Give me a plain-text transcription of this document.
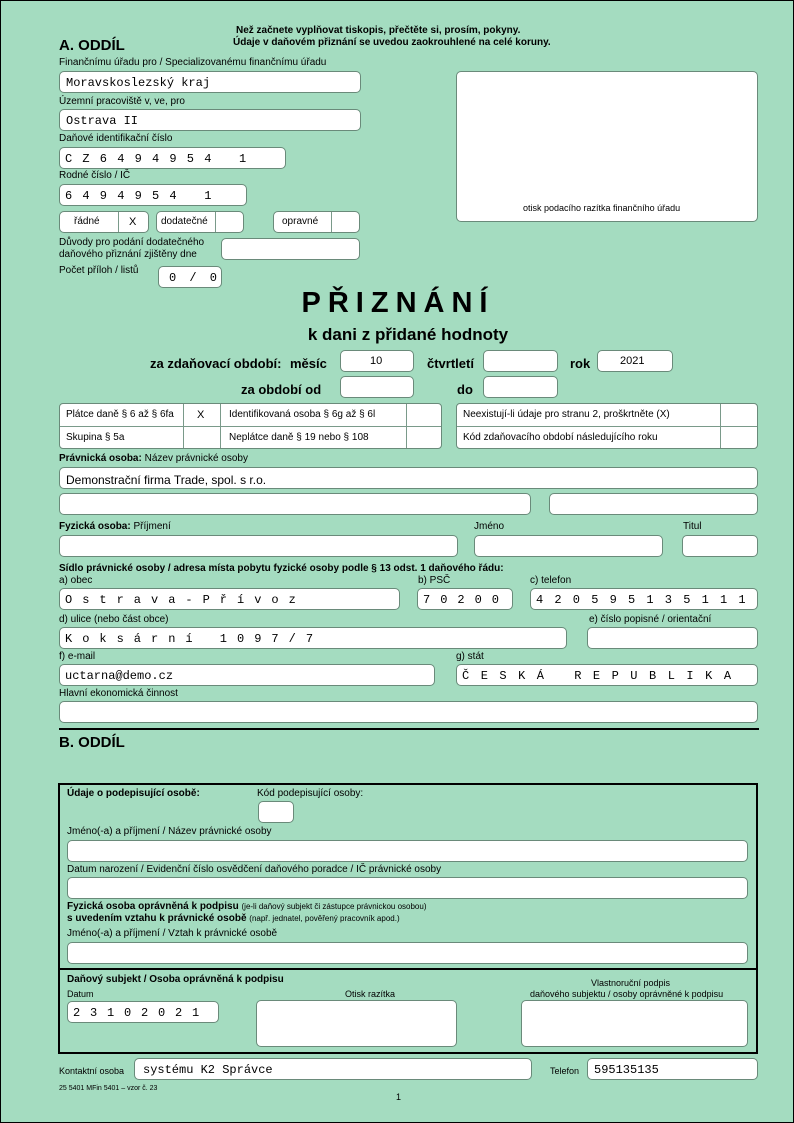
Než začnete vyplňovat tiskopis, přečtěte si, prosím, pokyny.
Údaje v daňovém přiznání se uvedou zaokrouhlené na celé koruny.
A. ODDÍL
Finančnímu úřadu pro / Specializovanému finančnímu úřadu
Moravskoslezský kraj
Územní pracoviště v, ve, pro
Ostrava II
Daňové identifikační číslo
CZ6494954 1
Rodné číslo / IČ
6494954 1
řádné	X dodatečné	opravné
Důvody pro podání dodatečného
daňového přiznání zjištěny dne
Počet příloh / listů
0 / 0
otisk podacího razítka finančního úřadu
PŘIZNÁNÍ
k dani z přidané hodnoty
za zdaňovací období: měsíc	10	čtvrtletí	rok	2021
za období od	do
Plátce daně § 6 až § 6fa X Identifikovaná osoba § 6g až § 6l
Skupina § 5a	Neplátce daně § 19 nebo § 108
Neexistují-li údaje pro stranu 2, proškrtněte (X)
Kód zdaňovacího období následujícího roku
Právnická osoba: Název právnické osoby
Demonstrační firma Trade, spol. s r.o.
Fyzická osoba: Příjmení	Jméno	Titul
Sídlo právnické osoby / adresa místa pobytu fyzické osoby podle § 13 odst. 1 daňového řádu:
a) obec	b) PSČ	c) telefon
Ostrava-Přívoz	70200 420595135111
d) ulice (nebo část obce)	e) číslo popisné / orientační
Koksární 1097/7
f) e-mail	g) stát
uctarna@demo.cz	ČESKÁ REPUBLIKA
Hlavní ekonomická činnost
B. ODDÍL
Údaje o podepisující osobě:	Kód podepisující osoby:
Jméno(-a) a příjmení / Název právnické osoby
Datum narození / Evidenční číslo osvědčení daňového poradce / IČ právnické osoby
Fyzická osoba oprávněná k podpisu (je-li daňový subjekt či zástupce právnickou osobou)
s uvedením vztahu k právnické osobě (např. jednatel, pověřený pracovník apod.)
Jméno(-a) a příjmení / Vztah k právnické osobě
Daňový subjekt / Osoba oprávněná k podpisu
Datum	Otisk razítka
Vlastnoruční podpis
daňového subjektu / osoby oprávněné k podpisu
23102021
Kontaktní osoba systému K2 Správce	Telefon 595135135
25 5401 MFin 5401 – vzor č. 23
1
